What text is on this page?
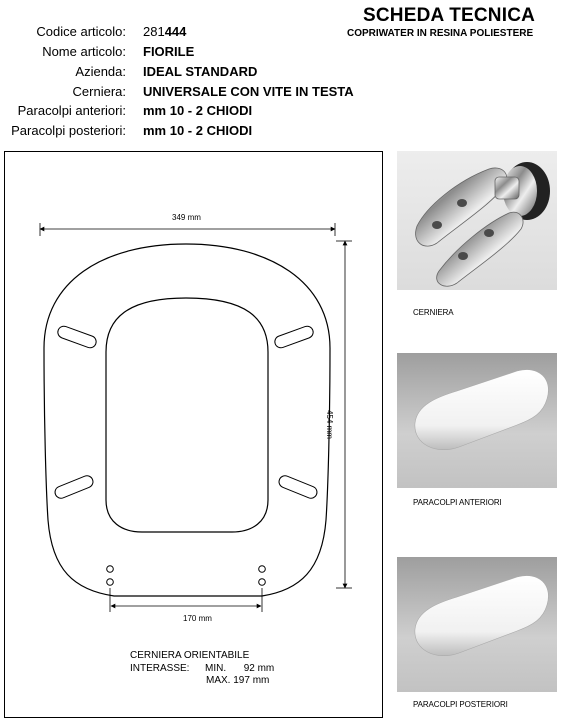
SCHEDA TECNICA
COPRIWATER IN RESINA POLIESTERE
Codice articolo: 281444
Nome articolo: FIORILE
Azienda: IDEAL STANDARD
Cerniera: UNIVERSALE CON VITE IN TESTA
Paracolpi anteriori: mm 10 - 2 CHIODI
Paracolpi posteriori: mm 10 - 2 CHIODI
349 mm
454 mm
170 mm
CERNIERA ORIENTABILE
INTERASSE: MIN. 92 mm
MAX. 197 mm
CERNIERA
PARACOLPI ANTERIORI
PARACOLPI POSTERIORI
